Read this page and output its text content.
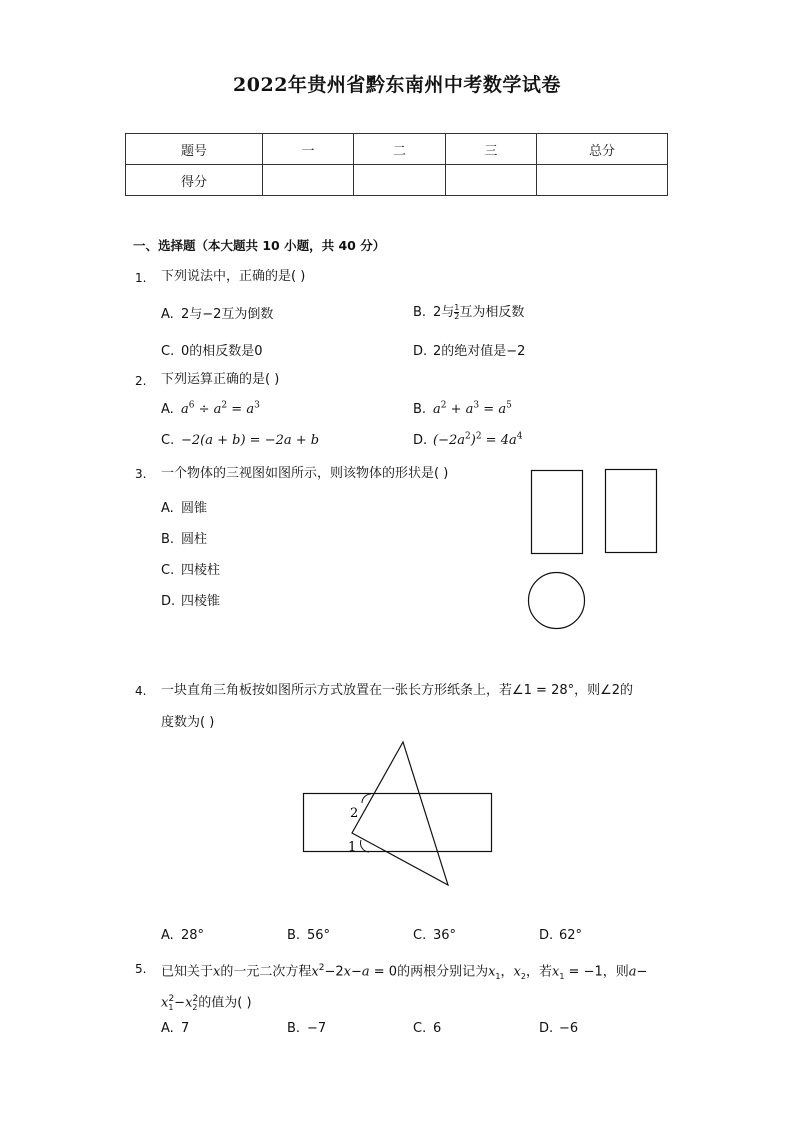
2022年贵州省黔东南州中考数学试卷
题号	一	二	三	总分
得分				
一、选择题（本大题共 10 小题，共 40 分）
1. 下列说法中，正确的是( )
A. 2与−2互为倒数	B. 2与 $\frac{1}{2}$ 互为相反数
C. 0的相反数是0	D. 2的绝对值是−2
2. 下列运算正确的是( )
A. $a^6 \div a^2 = a^3$	B. $a^2 + a^3 = a^5$
C. −2(a + b) = −2a + b	D. $(-2a^2)^2 = 4a^4$
3. 一个物体的三视图如图所示，则该物体的形状是( )
A. 圆锥
B. 圆柱
C. 四棱柱
D. 四棱锥
4. 一块直角三角板按如图所示方式放置在一张长方形纸条上，若∠1 = 28°，则∠2的
度数为( )
2
1
A. 28°	B. 56°	C. 36°	D. 62°
5. 已知关于x的一元二次方程$x^2-2x-a = 0$的两根分别记为$x_1$，$x_2$，若$x_1 = -1$，则a−
$x_1^2-x_2^2$的值为( )
A. 7	B. −7	C. 6	D. −6
